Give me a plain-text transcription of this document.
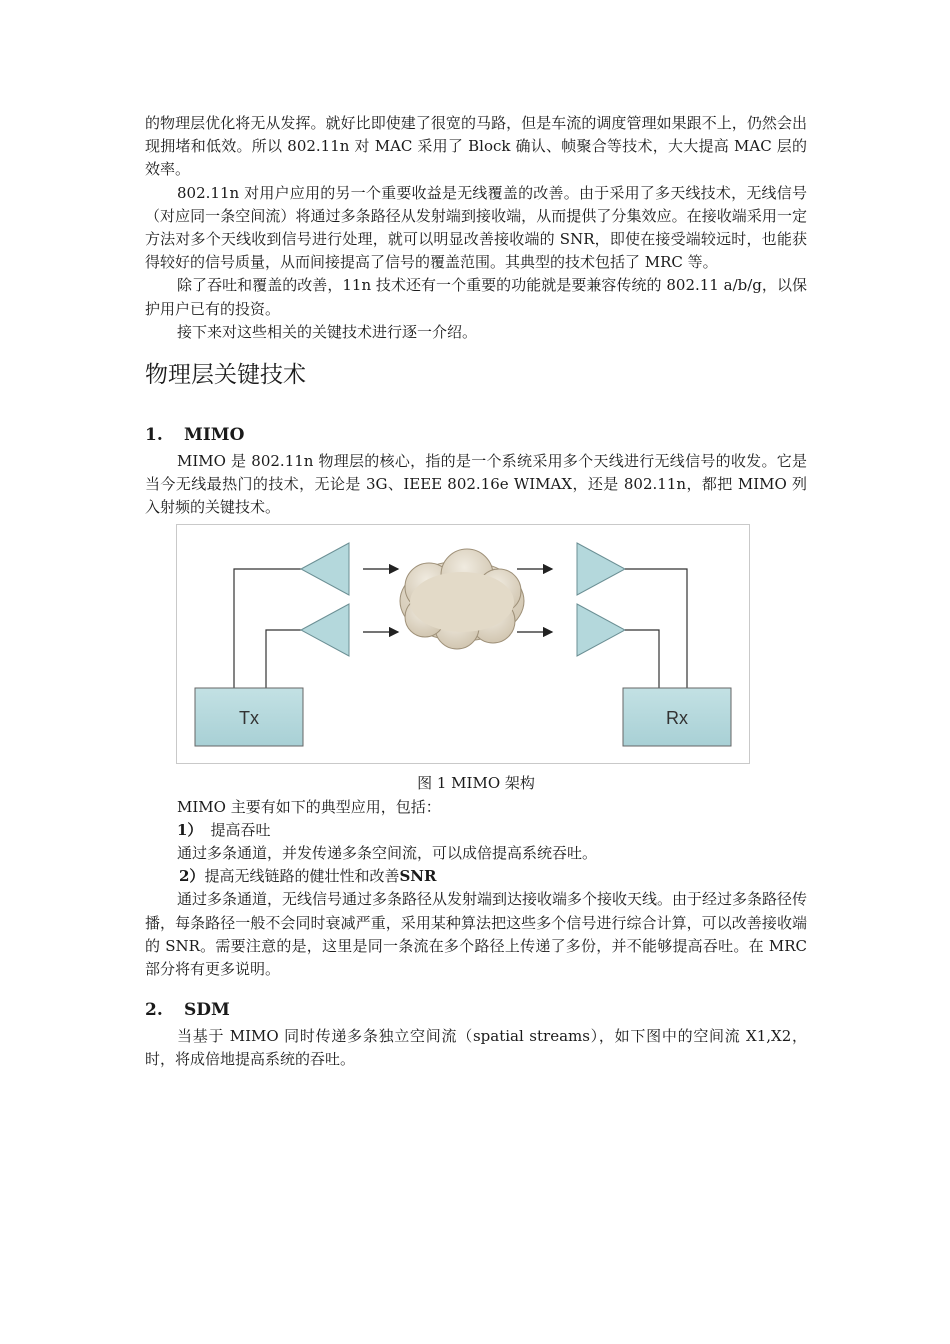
的物理层优化将无从发挥。就好比即使建了很宽的马路，但是车流的调度管理如果跟不上，仍然会出现拥堵和低效。所以 802.11n 对 MAC 采用了 Block 确认、帧聚合等技术，大大提高 MAC 层的效率。

802.11n 对用户应用的另一个重要收益是无线覆盖的改善。由于采用了多天线技术，无线信号（对应同一条空间流）将通过多条路径从发射端到接收端，从而提供了分集效应。在接收端采用一定方法对多个天线收到信号进行处理，就可以明显改善接收端的 SNR，即使在接受端较远时，也能获得较好的信号质量，从而间接提高了信号的覆盖范围。其典型的技术包括了 MRC 等。

除了吞吐和覆盖的改善，11n 技术还有一个重要的功能就是要兼容传统的 802.11 a/b/g，以保护用户已有的投资。

接下来对这些相关的关键技术进行逐一介绍。

物理层关键技术
1. MIMO

MIMO 是 802.11n 物理层的核心，指的是一个系统采用多个天线进行无线信号的收发。它是当今无线最热门的技术，无论是 3G、IEEE 802.16e WIMAX，还是 802.11n，都把 MIMO 列入射频的关键技术。

Tx	Rx
图 1 MIMO 架构

MIMO 主要有如下的典型应用，包括：

1） 提高吞吐

通过多条通道，并发传递多条空间流，可以成倍提高系统吞吐。

2）提高无线链路的健壮性和改善SNR

通过多条通道，无线信号通过多条路径从发射端到达接收端多个接收天线。由于经过多条路径传播，每条路径一般不会同时衰减严重，采用某种算法把这些多个信号进行综合计算，可以改善接收端的 SNR。需要注意的是，这里是同一条流在多个路径上传递了多份，并不能够提高吞吐。在 MRC 部分将有更多说明。

2. SDM

当基于 MIMO 同时传递多条独立空间流（spatial streams），如下图中的空间流 X1,X2，时，将成倍地提高系统的吞吐。
